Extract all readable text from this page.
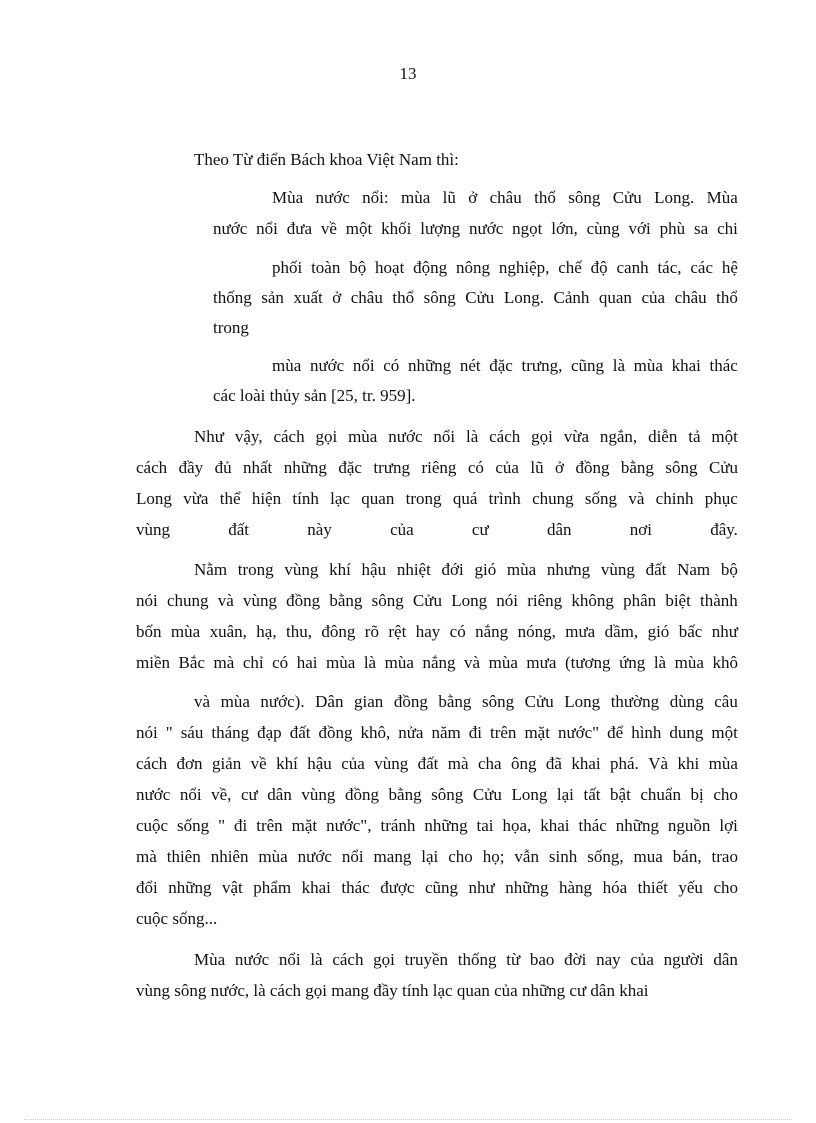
13
Theo Từ điển Bách khoa Việt Nam thì:
Mùa nước nổi: mùa lũ ở châu thổ sông Cửu Long. Mùa
nước nổi đưa về một khối lượng nước ngọt lớn, cùng với phù sa chi
phối toàn bộ hoạt động nông nghiệp, chế độ canh tác, các hệ
thống sản xuất ở châu thổ sông Cửu Long. Cảnh quan của châu thổ
trong
mùa nước nổi có những nét đặc trưng, cũng là mùa khai thác
các loài thủy sản [25, tr. 959].
Như vậy, cách gọi mùa nước nổi là cách gọi vừa ngắn, diễn tả một
cách đầy đủ nhất những đặc trưng riêng có của lũ ở đồng bằng sông Cửu
Long vừa thể hiện tính lạc quan trong quá trình chung sống và chinh phục
vùng	đất	này	của	cư	dân	nơi	đây.
Nằm trong vùng khí hậu nhiệt đới gió mùa nhưng vùng đất Nam bộ
nói chung và vùng đồng bằng sông Cửu Long nói riêng không phân biệt thành
bốn mùa xuân, hạ, thu, đông rõ rệt hay có nắng nóng, mưa dầm, gió bấc như
miền Bắc mà chỉ có hai mùa là mùa nắng và mùa mưa (tương ứng là mùa khô
và mùa nước). Dân gian đồng bằng sông Cửu Long thường dùng câu
nói " sáu tháng đạp đất đồng khô, nửa năm đi trên mặt nước" để hình dung một
cách đơn giản về khí hậu của vùng đất mà cha ông đã khai phá. Và khi mùa
nước nổi về, cư dân vùng đồng bằng sông Cửu Long lại tất bật chuẩn bị cho
cuộc sống " đi trên mặt nước", tránh những tai họa, khai thác những nguồn lợi
mà thiên nhiên mùa nước nổi mang lại cho họ; vẫn sinh sống, mua bán, trao
đổi những vật phẩm khai thác được cũng như những hàng hóa thiết yếu cho
cuộc sống...
Mùa nước nổi là cách gọi truyền thống từ bao đời nay của người dân
vùng sông nước, là cách gọi mang đầy tính lạc quan của những cư dân khai
